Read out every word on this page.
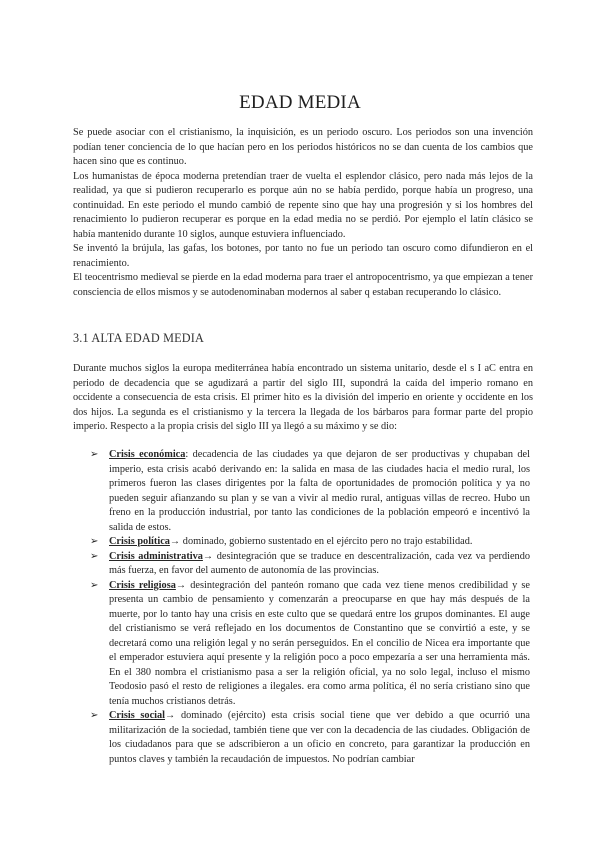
EDAD MEDIA

Se puede asociar con el cristianismo, la inquisición, es un periodo oscuro. Los periodos son una invención podían tener conciencia de lo que hacían pero en los periodos históricos no se dan cuenta de los cambios que hacen sino que es continuo.

Los humanistas de época moderna pretendían traer de vuelta el esplendor clásico, pero nada más lejos de la realidad, ya que si pudieron recuperarlo es porque aún no se había perdido, porque había un progreso, una continuidad. En este periodo el mundo cambió de repente sino que hay una progresión y si los hombres del renacimiento lo pudieron recuperar es porque en la edad media no se perdió. Por ejemplo el latín clásico se había mantenido durante 10 siglos, aunque estuviera influenciado.

Se inventó la brújula, las gafas, los botones, por tanto no fue un periodo tan oscuro como difundieron en el renacimiento.

El teocentrismo medieval se pierde en la edad moderna para traer el antropocentrismo, ya que empiezan a tener consciencia de ellos mismos y se autodenominaban modernos al saber q estaban recuperando lo clásico.

3.1 ALTA EDAD MEDIA

Durante muchos siglos la europa mediterránea había encontrado un sistema unitario, desde el s I aC entra en periodo de decadencia que se agudizará a partir del siglo III, supondrá la caída del imperio romano en occidente a consecuencia de esta crisis. El primer hito es la división del imperio en oriente y occidente en los dos hijos. La segunda es el cristianismo y la tercera la llegada de los bárbaros para formar parte del propio imperio. Respecto a la propia crisis del siglo III ya llegó a su máximo y se dio:

➢ Crisis económica: decadencia de las ciudades ya que dejaron de ser productivas y chupaban del imperio, esta crisis acabó derivando en: la salida en masa de las ciudades hacia el medio rural, los primeros fueron las clases dirigentes por la falta de oportunidades de promoción política y ya no pueden seguir afianzando su plan y se van a vivir al medio rural, antiguas villas de recreo. Hubo un freno en la producción industrial, por tanto las condiciones de la población empeoró e incentivó la salida de estos.
➢ Crisis política→ dominado, gobierno sustentado en el ejército pero no trajo estabilidad.
➢ Crisis administrativa→ desintegración que se traduce en descentralización, cada vez va perdiendo más fuerza, en favor del aumento de autonomía de las provincias.
➢ Crisis religiosa→ desintegración del panteón romano que cada vez tiene menos credibilidad y se presenta un cambio de pensamiento y comenzarán a preocuparse en que hay más después de la muerte, por lo tanto hay una crisis en este culto que se quedará entre los grupos dominantes. El auge del cristianismo se verá reflejado en los documentos de Constantino que se convirtió a este, y se decretará como una religión legal y no serán perseguidos. En el concilio de Nicea era importante que el emperador estuviera aquí presente y la religión poco a poco empezaría a ser una herramienta más. En el 380 nombra el cristianismo pasa a ser la religión oficial, ya no solo legal, incluso el mismo Teodosio pasó el resto de religiones a ilegales. era como arma política, él no sería cristiano sino que tenía muchos cristianos detrás.
➢ Crisis social→ dominado (ejército) esta crisis social tiene que ver debido a que ocurrió una militarización de la sociedad, también tiene que ver con la decadencia de las ciudades. Obligación de los ciudadanos para que se adscribieron a un oficio en concreto, para garantizar la producción en puntos claves y también la recaudación de impuestos. No podrían cambiar
